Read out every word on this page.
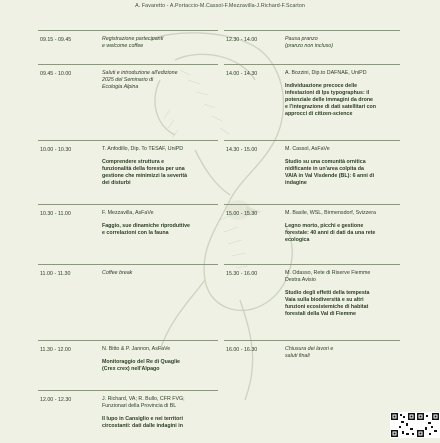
A. Favaretto - A.Portaccio-M.Cassol-F.Mezzavilla-J.Richard-F.Scarton
09.15 - 09.45	Registrazione partecipanti

e welcome coffee

09.45 - 10.00	Saluti e introduzione all'edizione

2025 del Seminario di

Ecologia Alpina

10.00 - 10.30	T. Anfodillo, Dip. To TESAF, UniPD

Comprendere struttura e

funzionalità della foresta per una

gestione che minimizzi la severità

dei disturbi

10.30 - 11.00	F. Mezzavilla, AsFaVe

Faggio, sue dinamiche riproduttive

e correlazioni con la fauna

11.00 - 11.30	Coffee break

11.30 - 12.00	N. Bitto & P. Jannon, AsFaVe

Monitoraggio del Re di Quaglie

(Crex crex) nell'Alpago

12.00 - 12.30	J. Richard, VA; R. Bullo, CFR FVG;

Funzionari della Provincia di BL

Il lupo in Cansiglio e nei territori

circostanti: dati dalle indagini in

12.30 - 14.00	Pausa pranzo

(pranzo non incluso)

14.00 - 14.30	A. Bozzini, Dip.to DAFNAE, UniPD

Individuazione precoce delle

infestazioni di Ips typographus: il

potenziale delle immagini da drone

e l'integrazione di dati satellitari con

approcci di citizen-science

14.30 - 15.00	M. Cassol, AsFaVe

Studio su una comunità ornitica

nidificante in un'area colpita da

VAIA in Val Visdende (BL): 6 anni di

indagine

15.00 - 15.30	M. Basile, WSL, Birmensdorf, Svizzera

Legno morto, picchi e gestione

forestale: 40 anni di dati da una rete

ecologica

15.30 - 16.00	M. Odasso, Rete di Riserve Fiemme

Destra Avisio

Studio degli effetti della tempesta

Vaia sulla biodiversità e su altri

funzioni ecosistemiche di habitat

forestali della Val di Fiemme

16.00 - 16.30	Chiusura dei lavori e

saluti finali
